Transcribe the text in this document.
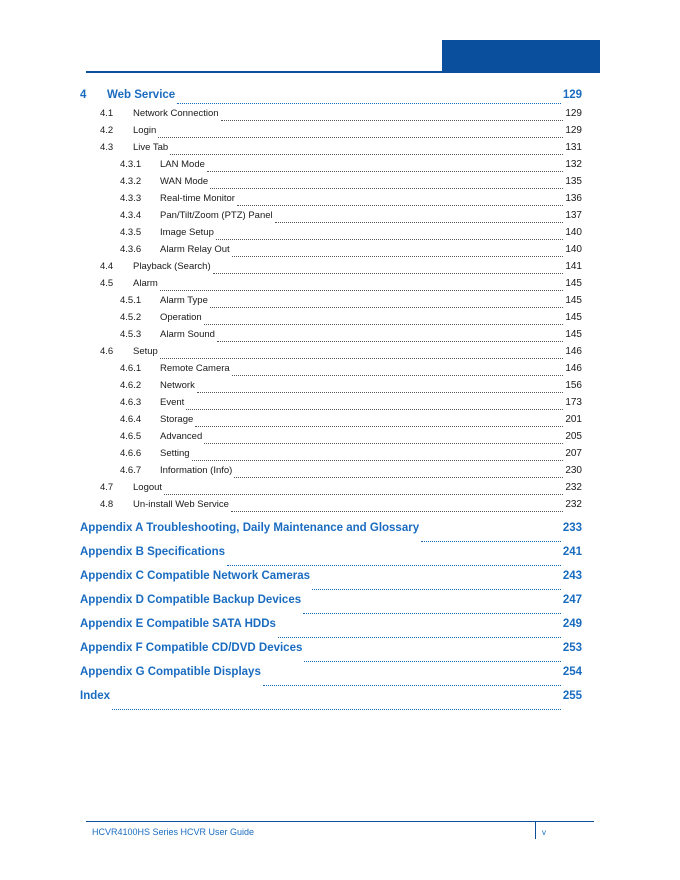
4	Web Service	129
4.1	Network Connection	129
4.2	Login	129
4.3	Live Tab	131
4.3.1	LAN Mode	132
4.3.2	WAN Mode	135
4.3.3	Real-time Monitor	136
4.3.4	Pan/Tilt/Zoom (PTZ) Panel	137
4.3.5	Image Setup	140
4.3.6	Alarm Relay Out	140
4.4	Playback (Search)	141
4.5	Alarm	145
4.5.1	Alarm Type	145
4.5.2	Operation	145
4.5.3	Alarm Sound	145
4.6	Setup	146
4.6.1	Remote Camera	146
4.6.2	Network	156
4.6.3	Event	173
4.6.4	Storage	201
4.6.5	Advanced	205
4.6.6	Setting	207
4.6.7	Information (Info)	230
4.7	Logout	232
4.8	Un-install Web Service	232
Appendix A Troubleshooting, Daily Maintenance and Glossary	233
Appendix B Specifications	241
Appendix C Compatible Network Cameras	243
Appendix D Compatible Backup Devices	247
Appendix E Compatible SATA HDDs	249
Appendix F Compatible CD/DVD Devices	253
Appendix G Compatible Displays	254
Index	255
HCVR4100HS Series HCVR User Guide	v
